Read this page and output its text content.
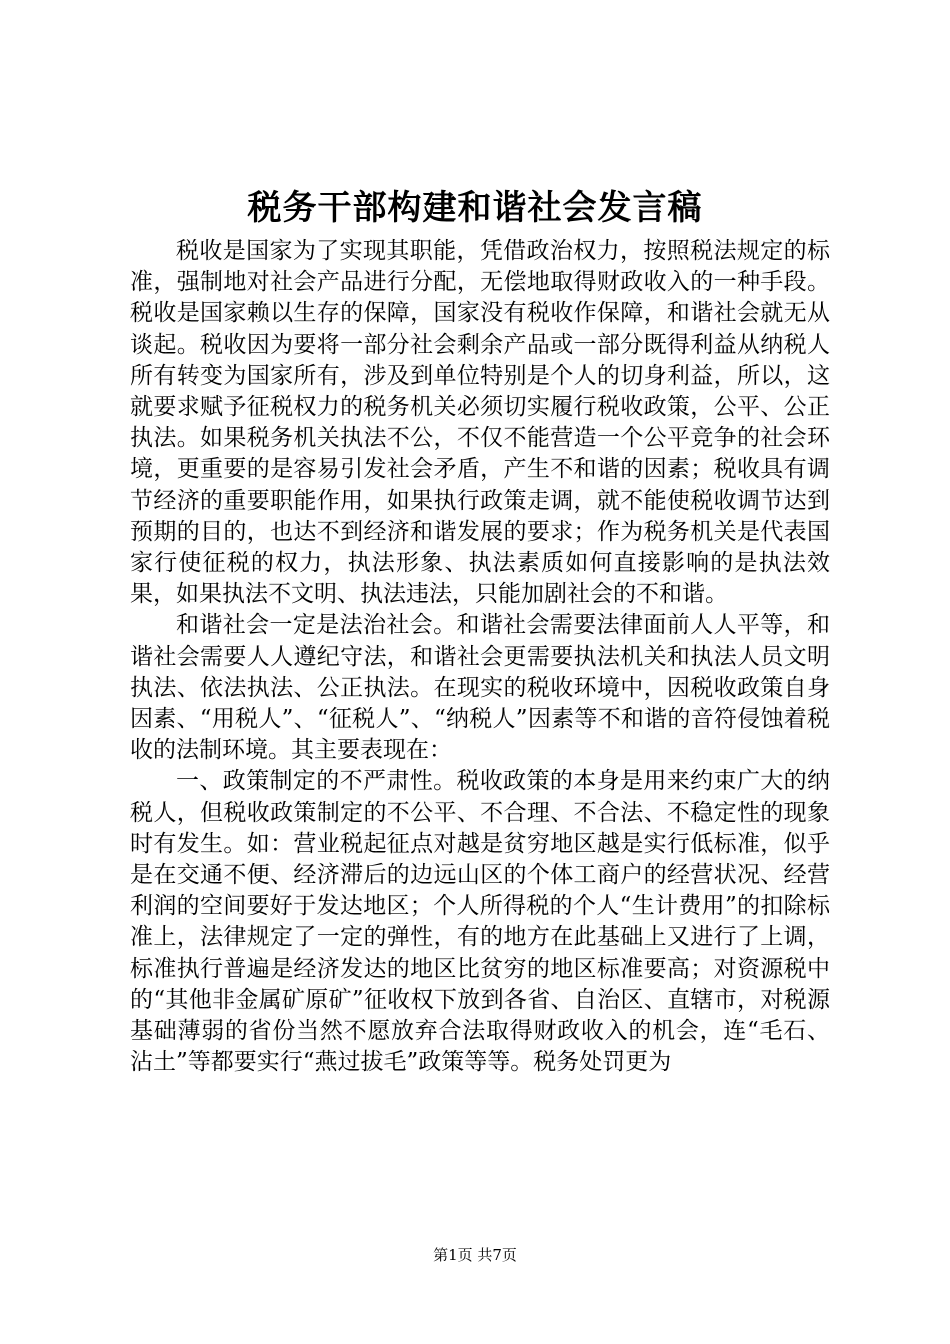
税务干部构建和谐社会发言稿

税收是国家为了实现其职能，凭借政治权力，按照税法规定的标准，强制地对社会产品进行分配，无偿地取得财政收入的一种手段。税收是国家赖以生存的保障，国家没有税收作保障，和谐社会就无从谈起。税收因为要将一部分社会剩余产品或一部分既得利益从纳税人所有转变为国家所有，涉及到单位特别是个人的切身利益，所以，这就要求赋予征税权力的税务机关必须切实履行税收政策，公平、公正执法。如果税务机关执法不公，不仅不能营造一个公平竞争的社会环境，更重要的是容易引发社会矛盾，产生不和谐的因素；税收具有调节经济的重要职能作用，如果执行政策走调，就不能使税收调节达到预期的目的，也达不到经济和谐发展的要求；作为税务机关是代表国家行使征税的权力，执法形象、执法素质如何直接影响的是执法效果，如果执法不文明、执法违法，只能加剧社会的不和谐。

和谐社会一定是法治社会。和谐社会需要法律面前人人平等，和谐社会需要人人遵纪守法，和谐社会更需要执法机关和执法人员文明执法、依法执法、公正执法。在现实的税收环境中，因税收政策自身因素、“用税人”、“征税人”、“纳税人”因素等不和谐的音符侵蚀着税收的法制环境。其主要表现在：

一、政策制定的不严肃性。税收政策的本身是用来约束广大的纳税人，但税收政策制定的不公平、不合理、不合法、不稳定性的现象时有发生。如：营业税起征点对越是贫穷地区越是实行低标准，似乎是在交通不便、经济滞后的边远山区的个体工商户的经营状况、经营利润的空间要好于发达地区；个人所得税的个人“生计费用”的扣除标准上，法律规定了一定的弹性，有的地方在此基础上又进行了上调，标准执行普遍是经济发达的地区比贫穷的地区标准要高；对资源税中的“其他非金属矿原矿”征收权下放到各省、自治区、直辖市，对税源基础薄弱的省份当然不愿放弃合法取得财政收入的机会，连“毛石、沾土”等都要实行“燕过拔毛”政策等等。税务处罚更为

第1页 共7页
